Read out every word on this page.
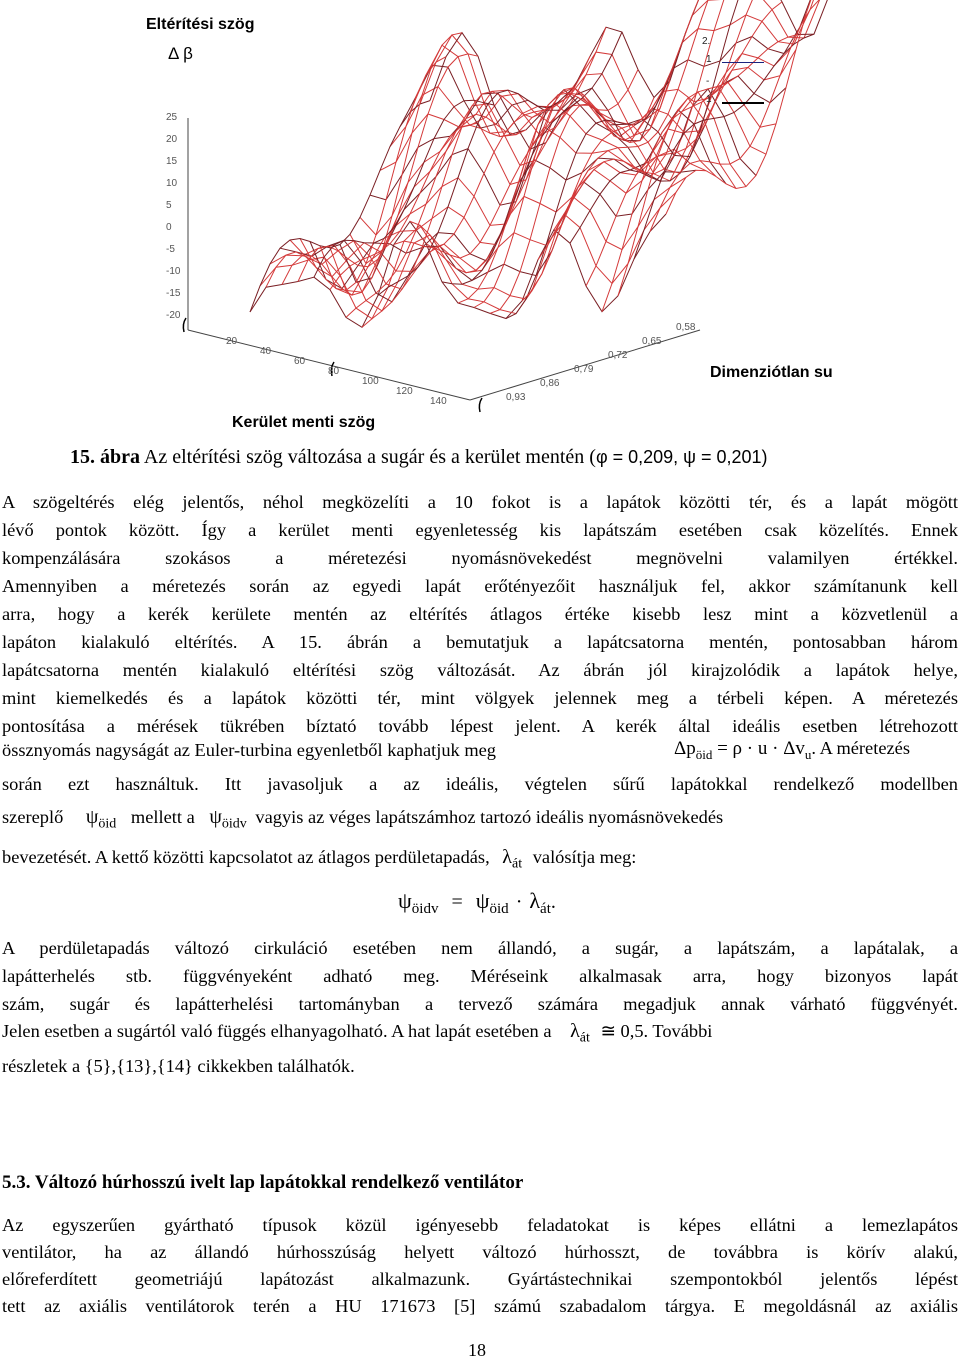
Eltérítési szög
Δ β
25
20
15
10
5
0
-5
-10
-15
-20
20
40
60
80
100
120
140	0,93
0,86
0,79
0,72
0,65
0,58
2.
1
-
1
Dimenziótlan su
Kerület menti szög
15. ábra Az eltérítési szög változása a sugár és a kerület mentén (φ = 0,209, ψ = 0,201)
A szögeltérés elég jelentős, néhol megközelíti a 10 fokot is a lapátok közötti tér, és a lapát mögött
lévő pontok között. Így a kerület menti egyenletesség kis lapátszám esetében csak közelítés. Ennek
kompenzálására szokásos a méretezési nyomásnövekedést megnövelni valamilyen értékkel.
Amennyiben a méretezés során az egyedi lapát erőtényezőit használjuk fel, akkor számítanunk kell
arra, hogy a kerék kerülete mentén az eltérítés átlagos értéke kisebb lesz mint a közvetlenül a
lapáton kialakuló eltérítés. A 15. ábrán a bemutatjuk a lapátcsatorna mentén, pontosabban három
lapátcsatorna mentén kialakuló eltérítési szög változását. Az ábrán jól kirajzolódik a lapátok helye,
mint kiemelkedés és a lapátok közötti tér, mint völgyek jelennek meg a térbeli képen. A méretezés
pontosítása a mérések tükrében bíztató tovább lépest jelent. A kerék által ideális esetben létrehozott
össznyomás nagyságát az Euler-turbina egyenletből kaphatjuk meg	$\Delta p_{öid} = \rho \cdot u \cdot \Delta v_u$. A méretezés
során ezt használtuk. Itt javasoljuk a az ideális, végtelen sűrű lapátokkal rendelkező modellben
szereplő $\psi_{öid}$ mellett a $\psi_{öidv}$ vagyis az véges lapátszámhoz tartozó ideális nyomásnövekedés
bevezetését. A kettő közötti kapcsolatot az átlagos perdületapadás, $\lambda_{át}$ valósítja meg:
$\psi_{öidv} = \psi_{öid} \cdot \lambda_{át}$.
A perdületapadás változó cirkuláció esetében nem állandó, a sugár, a lapátszám, a lapátalak, a
lapátterhelés stb. függvényeként adható meg. Méréseink alkalmasak arra, hogy bizonyos lapát
szám, sugár és lapátterhelési tartományban a tervező számára megadjuk annak várható függvényét.
Jelen esetben a sugártól való függés elhanyagolható. A hat lapát esetében a $\lambda_{át}$ ≅ 0,5. További
részletek a {5},{13},{14} cikkekben találhatók.
5.3. Változó húrhosszú ivelt lap lapátokkal rendelkező ventilátor
Az egyszerűen gyártható típusok közül igényesebb feladatokat is képes ellátni a lemezlapátos
ventilátor, ha az állandó húrhosszúság helyett változó húrhosszt, de továbbra is körív alakú,
előreferdített geometriájú lapátozást alkalmazunk. Gyártástechnikai szempontokból jelentős lépést
tett az axiális ventilátorok terén a HU 171673 [5] számú szabadalom tárgya. E megoldásnál az axiális
18
